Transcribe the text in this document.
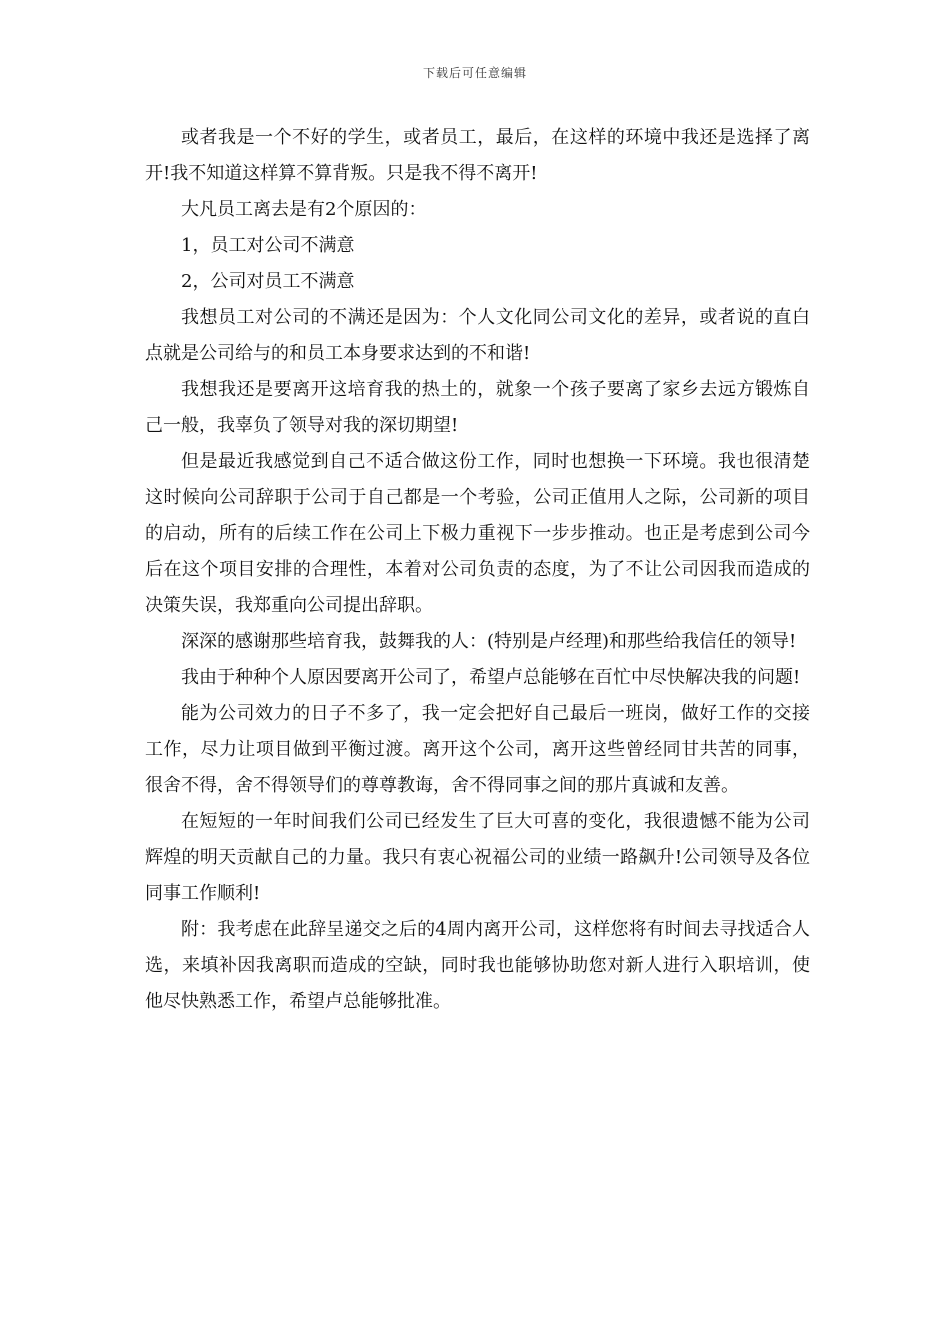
下载后可任意编辑

或者我是一个不好的学生，或者员工，最后，在这样的环境中我还是选择了离开!我不知道这样算不算背叛。只是我不得不离开!

大凡员工离去是有2个原因的：

1，员工对公司不满意

2，公司对员工不满意

我想员工对公司的不满还是因为：个人文化同公司文化的差异，或者说的直白点就是公司给与的和员工本身要求达到的不和谐!

我想我还是要离开这培育我的热土的，就象一个孩子要离了家乡去远方锻炼自己一般，我辜负了领导对我的深切期望!

但是最近我感觉到自己不适合做这份工作，同时也想换一下环境。我也很清楚这时候向公司辞职于公司于自己都是一个考验，公司正值用人之际，公司新的项目的启动，所有的后续工作在公司上下极力重视下一步步推动。也正是考虑到公司今后在这个项目安排的合理性，本着对公司负责的态度，为了不让公司因我而造成的决策失误，我郑重向公司提出辞职。

深深的感谢那些培育我，鼓舞我的人：(特别是卢经理)和那些给我信任的领导!

我由于种种个人原因要离开公司了，希望卢总能够在百忙中尽快解决我的问题!

能为公司效力的日子不多了，我一定会把好自己最后一班岗，做好工作的交接工作，尽力让项目做到平衡过渡。离开这个公司，离开这些曾经同甘共苦的同事，很舍不得，舍不得领导们的尊尊教诲，舍不得同事之间的那片真诚和友善。

在短短的一年时间我们公司已经发生了巨大可喜的变化，我很遗憾不能为公司辉煌的明天贡献自己的力量。我只有衷心祝福公司的业绩一路飙升!公司领导及各位同事工作顺利!

附：我考虑在此辞呈递交之后的4周内离开公司，这样您将有时间去寻找适合人选，来填补因我离职而造成的空缺，同时我也能够协助您对新人进行入职培训，使他尽快熟悉工作，希望卢总能够批准。
